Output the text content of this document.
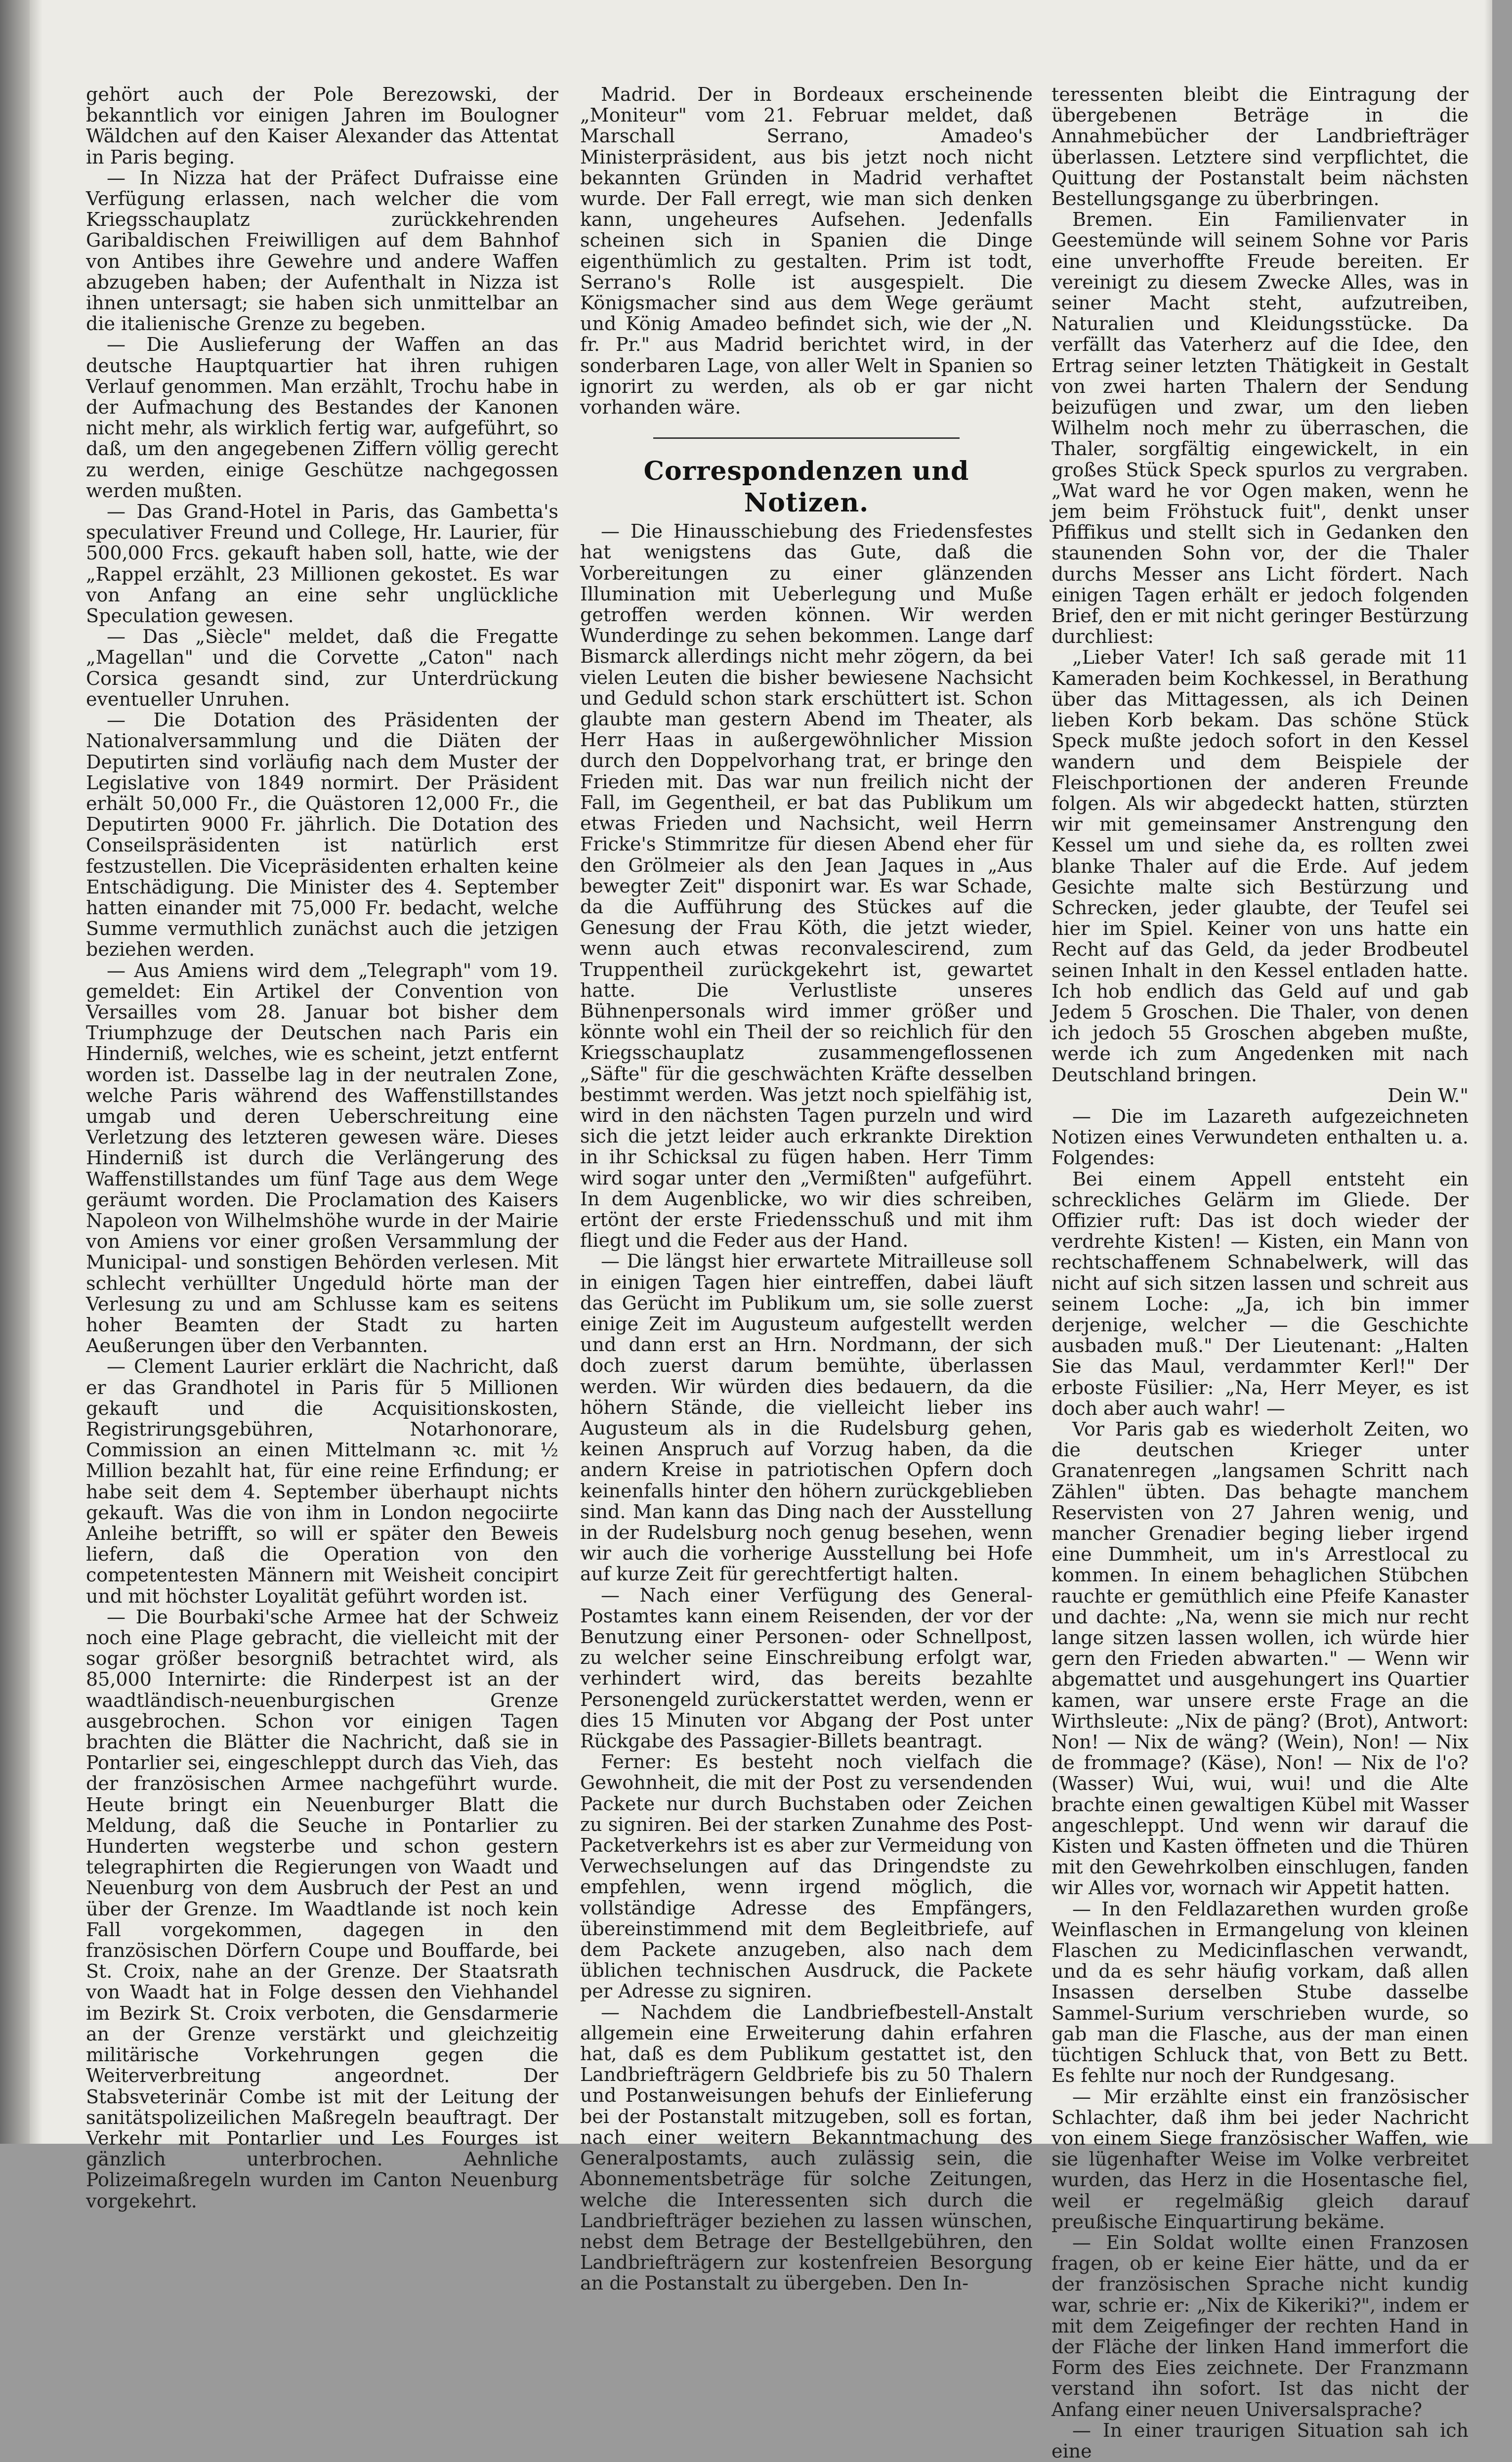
gehört auch der Pole Berezowski, der bekanntlich vor einigen Jahren im Boulogner Wäldchen auf den Kaiser Alexander das Attentat in Paris beging.

— In Nizza hat der Präfect Dufraisse eine Verfügung erlassen, nach welcher die vom Kriegsschauplatz zurückkehrenden Garibaldischen Freiwilligen auf dem Bahnhof von Antibes ihre Gewehre und andere Waffen abzugeben haben; der Aufenthalt in Nizza ist ihnen untersagt; sie haben sich unmittelbar an die italienische Grenze zu begeben.

— Die Auslieferung der Waffen an das deutsche Hauptquartier hat ihren ruhigen Verlauf genommen. Man erzählt, Trochu habe in der Aufmachung des Bestandes der Kanonen nicht mehr, als wirklich fertig war, aufgeführt, so daß, um den angegebenen Ziffern völlig gerecht zu werden, einige Geschütze nachgegossen werden mußten.

— Das Grand-Hotel in Paris, das Gambetta's speculativer Freund und College, Hr. Laurier, für 500,000 Frcs. gekauft haben soll, hatte, wie der „Rappel erzählt, 23 Millionen gekostet. Es war von Anfang an eine sehr unglückliche Speculation gewesen.

— Das „Siècle" meldet, daß die Fregatte „Magellan" und die Corvette „Caton" nach Corsica gesandt sind, zur Unterdrückung eventueller Unruhen.

— Die Dotation des Präsidenten der Nationalversammlung und die Diäten der Deputirten sind vorläufig nach dem Muster der Legislative von 1849 normirt. Der Präsident erhält 50,000 Fr., die Quästoren 12,000 Fr., die Deputirten 9000 Fr. jährlich. Die Dotation des Conseilspräsidenten ist natürlich erst festzustellen. Die Vicepräsidenten erhalten keine Entschädigung. Die Minister des 4. September hatten einander mit 75,000 Fr. bedacht, welche Summe vermuthlich zunächst auch die jetzigen beziehen werden.

— Aus Amiens wird dem „Telegraph" vom 19. gemeldet: Ein Artikel der Convention von Versailles vom 28. Januar bot bisher dem Triumphzuge der Deutschen nach Paris ein Hinderniß, welches, wie es scheint, jetzt entfernt worden ist. Dasselbe lag in der neutralen Zone, welche Paris während des Waffenstillstandes umgab und deren Ueberschreitung eine Verletzung des letzteren gewesen wäre. Dieses Hinderniß ist durch die Verlängerung des Waffenstillstandes um fünf Tage aus dem Wege geräumt worden. Die Proclamation des Kaisers Napoleon von Wilhelmshöhe wurde in der Mairie von Amiens vor einer großen Versammlung der Municipal- und sonstigen Behörden verlesen. Mit schlecht verhüllter Ungeduld hörte man der Verlesung zu und am Schlusse kam es seitens hoher Beamten der Stadt zu harten Aeußerungen über den Verbannten.

— Clement Laurier erklärt die Nachricht, daß er das Grandhotel in Paris für 5 Millionen gekauft und die Acquisitionskosten, Registrirungsgebühren, Notarhonorare, Commission an einen Mittelmann ꝛc. mit ½ Million bezahlt hat, für eine reine Erfindung; er habe seit dem 4. September überhaupt nichts gekauft. Was die von ihm in London negociirte Anleihe betrifft, so will er später den Beweis liefern, daß die Operation von den competentesten Männern mit Weisheit concipirt und mit höchster Loyalität geführt worden ist.

— Die Bourbaki'sche Armee hat der Schweiz noch eine Plage gebracht, die vielleicht mit der sogar größer besorgniß betrachtet wird, als 85,000 Internirte: die Rinderpest ist an der waadtländisch-neuenburgischen Grenze ausgebrochen. Schon vor einigen Tagen brachten die Blätter die Nachricht, daß sie in Pontarlier sei, eingeschleppt durch das Vieh, das der französischen Armee nachgeführt wurde. Heute bringt ein Neuenburger Blatt die Meldung, daß die Seuche in Pontarlier zu Hunderten wegsterbe und schon gestern telegraphirten die Regierungen von Waadt und Neuenburg von dem Ausbruch der Pest an und über der Grenze. Im Waadtlande ist noch kein Fall vorgekommen, dagegen in den französischen Dörfern Coupe und Bouffarde, bei St. Croix, nahe an der Grenze. Der Staatsrath von Waadt hat in Folge dessen den Viehhandel im Bezirk St. Croix verboten, die Gensdarmerie an der Grenze verstärkt und gleichzeitig militärische Vorkehrungen gegen die Weiterverbreitung angeordnet. Der Stabsveterinär Combe ist mit der Leitung der sanitätspolizeilichen Maßregeln beauftragt. Der Verkehr mit Pontarlier und Les Fourges ist gänzlich unterbrochen. Aehnliche Polizeimaßregeln wurden im Canton Neuenburg vorgekehrt.

Madrid. Der in Bordeaux erscheinende „Moniteur" vom 21. Februar meldet, daß Marschall Serrano, Amadeo's Ministerpräsident, aus bis jetzt noch nicht bekannten Gründen in Madrid verhaftet wurde. Der Fall erregt, wie man sich denken kann, ungeheures Aufsehen. Jedenfalls scheinen sich in Spanien die Dinge eigenthümlich zu gestalten. Prim ist todt, Serrano's Rolle ist ausgespielt. Die Königsmacher sind aus dem Wege geräumt und König Amadeo befindet sich, wie der „N. fr. Pr." aus Madrid berichtet wird, in der sonderbaren Lage, von aller Welt in Spanien so ignorirt zu werden, als ob er gar nicht vorhanden wäre.

Correspondenzen und Notizen.

— Die Hinausschiebung des Friedensfestes hat wenigstens das Gute, daß die Vorbereitungen zu einer glänzenden Illumination mit Ueberlegung und Muße getroffen werden können. Wir werden Wunderdinge zu sehen bekommen. Lange darf Bismarck allerdings nicht mehr zögern, da bei vielen Leuten die bisher bewiesene Nachsicht und Geduld schon stark erschüttert ist. Schon glaubte man gestern Abend im Theater, als Herr Haas in außergewöhnlicher Mission durch den Doppelvorhang trat, er bringe den Frieden mit. Das war nun freilich nicht der Fall, im Gegentheil, er bat das Publikum um etwas Frieden und Nachsicht, weil Herrn Fricke's Stimmritze für diesen Abend eher für den Grölmeier als den Jean Jaques in „Aus bewegter Zeit" disponirt war. Es war Schade, da die Aufführung des Stückes auf die Genesung der Frau Köth, die jetzt wieder, wenn auch etwas reconvalescirend, zum Truppentheil zurückgekehrt ist, gewartet hatte. Die Verlustliste unseres Bühnenpersonals wird immer größer und könnte wohl ein Theil der so reichlich für den Kriegsschauplatz zusammengeflossenen „Säfte" für die geschwächten Kräfte desselben bestimmt werden. Was jetzt noch spielfähig ist, wird in den nächsten Tagen purzeln und wird sich die jetzt leider auch erkrankte Direktion in ihr Schicksal zu fügen haben. Herr Timm wird sogar unter den „Vermißten" aufgeführt. In dem Augenblicke, wo wir dies schreiben, ertönt der erste Friedensschuß und mit ihm fliegt und die Feder aus der Hand.

— Die längst hier erwartete Mitrailleuse soll in einigen Tagen hier eintreffen, dabei läuft das Gerücht im Publikum um, sie solle zuerst einige Zeit im Augusteum aufgestellt werden und dann erst an Hrn. Nordmann, der sich doch zuerst darum bemühte, überlassen werden. Wir würden dies bedauern, da die höhern Stände, die vielleicht lieber ins Augusteum als in die Rudelsburg gehen, keinen Anspruch auf Vorzug haben, da die andern Kreise in patriotischen Opfern doch keinenfalls hinter den höhern zurückgeblieben sind. Man kann das Ding nach der Ausstellung in der Rudelsburg noch genug besehen, wenn wir auch die vorherige Ausstellung bei Hofe auf kurze Zeit für gerechtfertigt halten.

— Nach einer Verfügung des General-Postamtes kann einem Reisenden, der vor der Benutzung einer Personen- oder Schnellpost, zu welcher seine Einschreibung erfolgt war, verhindert wird, das bereits bezahlte Personengeld zurückerstattet werden, wenn er dies 15 Minuten vor Abgang der Post unter Rückgabe des Passagier-Billets beantragt.

Ferner: Es besteht noch vielfach die Gewohnheit, die mit der Post zu versendenden Packete nur durch Buchstaben oder Zeichen zu signiren. Bei der starken Zunahme des Post-Packetverkehrs ist es aber zur Vermeidung von Verwechselungen auf das Dringendste zu empfehlen, wenn irgend möglich, die vollständige Adresse des Empfängers, übereinstimmend mit dem Begleitbriefe, auf dem Packete anzugeben, also nach dem üblichen technischen Ausdruck, die Packete per Adresse zu signiren.

— Nachdem die Landbriefbestell-Anstalt allgemein eine Erweiterung dahin erfahren hat, daß es dem Publikum gestattet ist, den Landbriefträgern Geldbriefe bis zu 50 Thalern und Postanweisungen behufs der Einlieferung bei der Postanstalt mitzugeben, soll es fortan, nach einer weitern Bekanntmachung des Generalpostamts, auch zulässig sein, die Abonnementsbeträge für solche Zeitungen, welche die Interessenten sich durch die Landbriefträger beziehen zu lassen wünschen, nebst dem Betrage der Bestellgebühren, den Landbriefträgern zur kostenfreien Besorgung an die Postanstalt zu übergeben. Den In-

teressenten bleibt die Eintragung der übergebenen Beträge in die Annahmebücher der Landbriefträger überlassen. Letztere sind verpflichtet, die Quittung der Postanstalt beim nächsten Bestellungsgange zu überbringen.

Bremen. Ein Familienvater in Geestemünde will seinem Sohne vor Paris eine unverhoffte Freude bereiten. Er vereinigt zu diesem Zwecke Alles, was in seiner Macht steht, aufzutreiben, Naturalien und Kleidungsstücke. Da verfällt das Vaterherz auf die Idee, den Ertrag seiner letzten Thätigkeit in Gestalt von zwei harten Thalern der Sendung beizufügen und zwar, um den lieben Wilhelm noch mehr zu überraschen, die Thaler, sorgfältig eingewickelt, in ein großes Stück Speck spurlos zu vergraben. „Wat ward he vor Ogen maken, wenn he jem beim Fröhstuck fuit", denkt unser Pfiffikus und stellt sich in Gedanken den staunenden Sohn vor, der die Thaler durchs Messer ans Licht fördert. Nach einigen Tagen erhält er jedoch folgenden Brief, den er mit nicht geringer Bestürzung durchliest:

„Lieber Vater! Ich saß gerade mit 11 Kameraden beim Kochkessel, in Berathung über das Mittagessen, als ich Deinen lieben Korb bekam. Das schöne Stück Speck mußte jedoch sofort in den Kessel wandern und dem Beispiele der Fleischportionen der anderen Freunde folgen. Als wir abgedeckt hatten, stürzten wir mit gemeinsamer Anstrengung den Kessel um und siehe da, es rollten zwei blanke Thaler auf die Erde. Auf jedem Gesichte malte sich Bestürzung und Schrecken, jeder glaubte, der Teufel sei hier im Spiel. Keiner von uns hatte ein Recht auf das Geld, da jeder Brodbeutel seinen Inhalt in den Kessel entladen hatte. Ich hob endlich das Geld auf und gab Jedem 5 Groschen. Die Thaler, von denen ich jedoch 55 Groschen abgeben mußte, werde ich zum Angedenken mit nach Deutschland bringen.

Dein W."

— Die im Lazareth aufgezeichneten Notizen eines Verwundeten enthalten u. a. Folgendes:

Bei einem Appell entsteht ein schreckliches Gelärm im Gliede. Der Offizier ruft: Das ist doch wieder der verdrehte Kisten! — Kisten, ein Mann von rechtschaffenem Schnabelwerk, will das nicht auf sich sitzen lassen und schreit aus seinem Loche: „Ja, ich bin immer derjenige, welcher — die Geschichte ausbaden muß." Der Lieutenant: „Halten Sie das Maul, verdammter Kerl!" Der erboste Füsilier: „Na, Herr Meyer, es ist doch aber auch wahr! —

Vor Paris gab es wiederholt Zeiten, wo die deutschen Krieger unter Granatenregen „langsamen Schritt nach Zählen" übten. Das behagte manchem Reservisten von 27 Jahren wenig, und mancher Grenadier beging lieber irgend eine Dummheit, um in's Arrestlocal zu kommen. In einem behaglichen Stübchen rauchte er gemüthlich eine Pfeife Kanaster und dachte: „Na, wenn sie mich nur recht lange sitzen lassen wollen, ich würde hier gern den Frieden abwarten." — Wenn wir abgemattet und ausgehungert ins Quartier kamen, war unsere erste Frage an die Wirthsleute: „Nix de päng? (Brot), Antwort: Non! — Nix de wäng? (Wein), Non! — Nix de frommage? (Käse), Non! — Nix de l'o? (Wasser) Wui, wui, wui! und die Alte brachte einen gewaltigen Kübel mit Wasser angeschleppt. Und wenn wir darauf die Kisten und Kasten öffneten und die Thüren mit den Gewehrkolben einschlugen, fanden wir Alles vor, wornach wir Appetit hatten.

— In den Feldlazarethen wurden große Weinflaschen in Ermangelung von kleinen Flaschen zu Medicinflaschen verwandt, und da es sehr häufig vorkam, daß allen Insassen derselben Stube dasselbe Sammel-Surium verschrieben wurde, so gab man die Flasche, aus der man einen tüchtigen Schluck that, von Bett zu Bett. Es fehlte nur noch der Rundgesang.

— Mir erzählte einst ein französischer Schlachter, daß ihm bei jeder Nachricht von einem Siege französischer Waffen, wie sie lügenhafter Weise im Volke verbreitet wurden, das Herz in die Hosentasche fiel, weil er regelmäßig gleich darauf preußische Einquartirung bekäme.

— Ein Soldat wollte einen Franzosen fragen, ob er keine Eier hätte, und da er der französischen Sprache nicht kundig war, schrie er: „Nix de Kikeriki?", indem er mit dem Zeigefinger der rechten Hand in der Fläche der linken Hand immerfort die Form des Eies zeichnete. Der Franzmann verstand ihn sofort. Ist das nicht der Anfang einer neuen Universalsprache?

— In einer traurigen Situation sah ich eine
